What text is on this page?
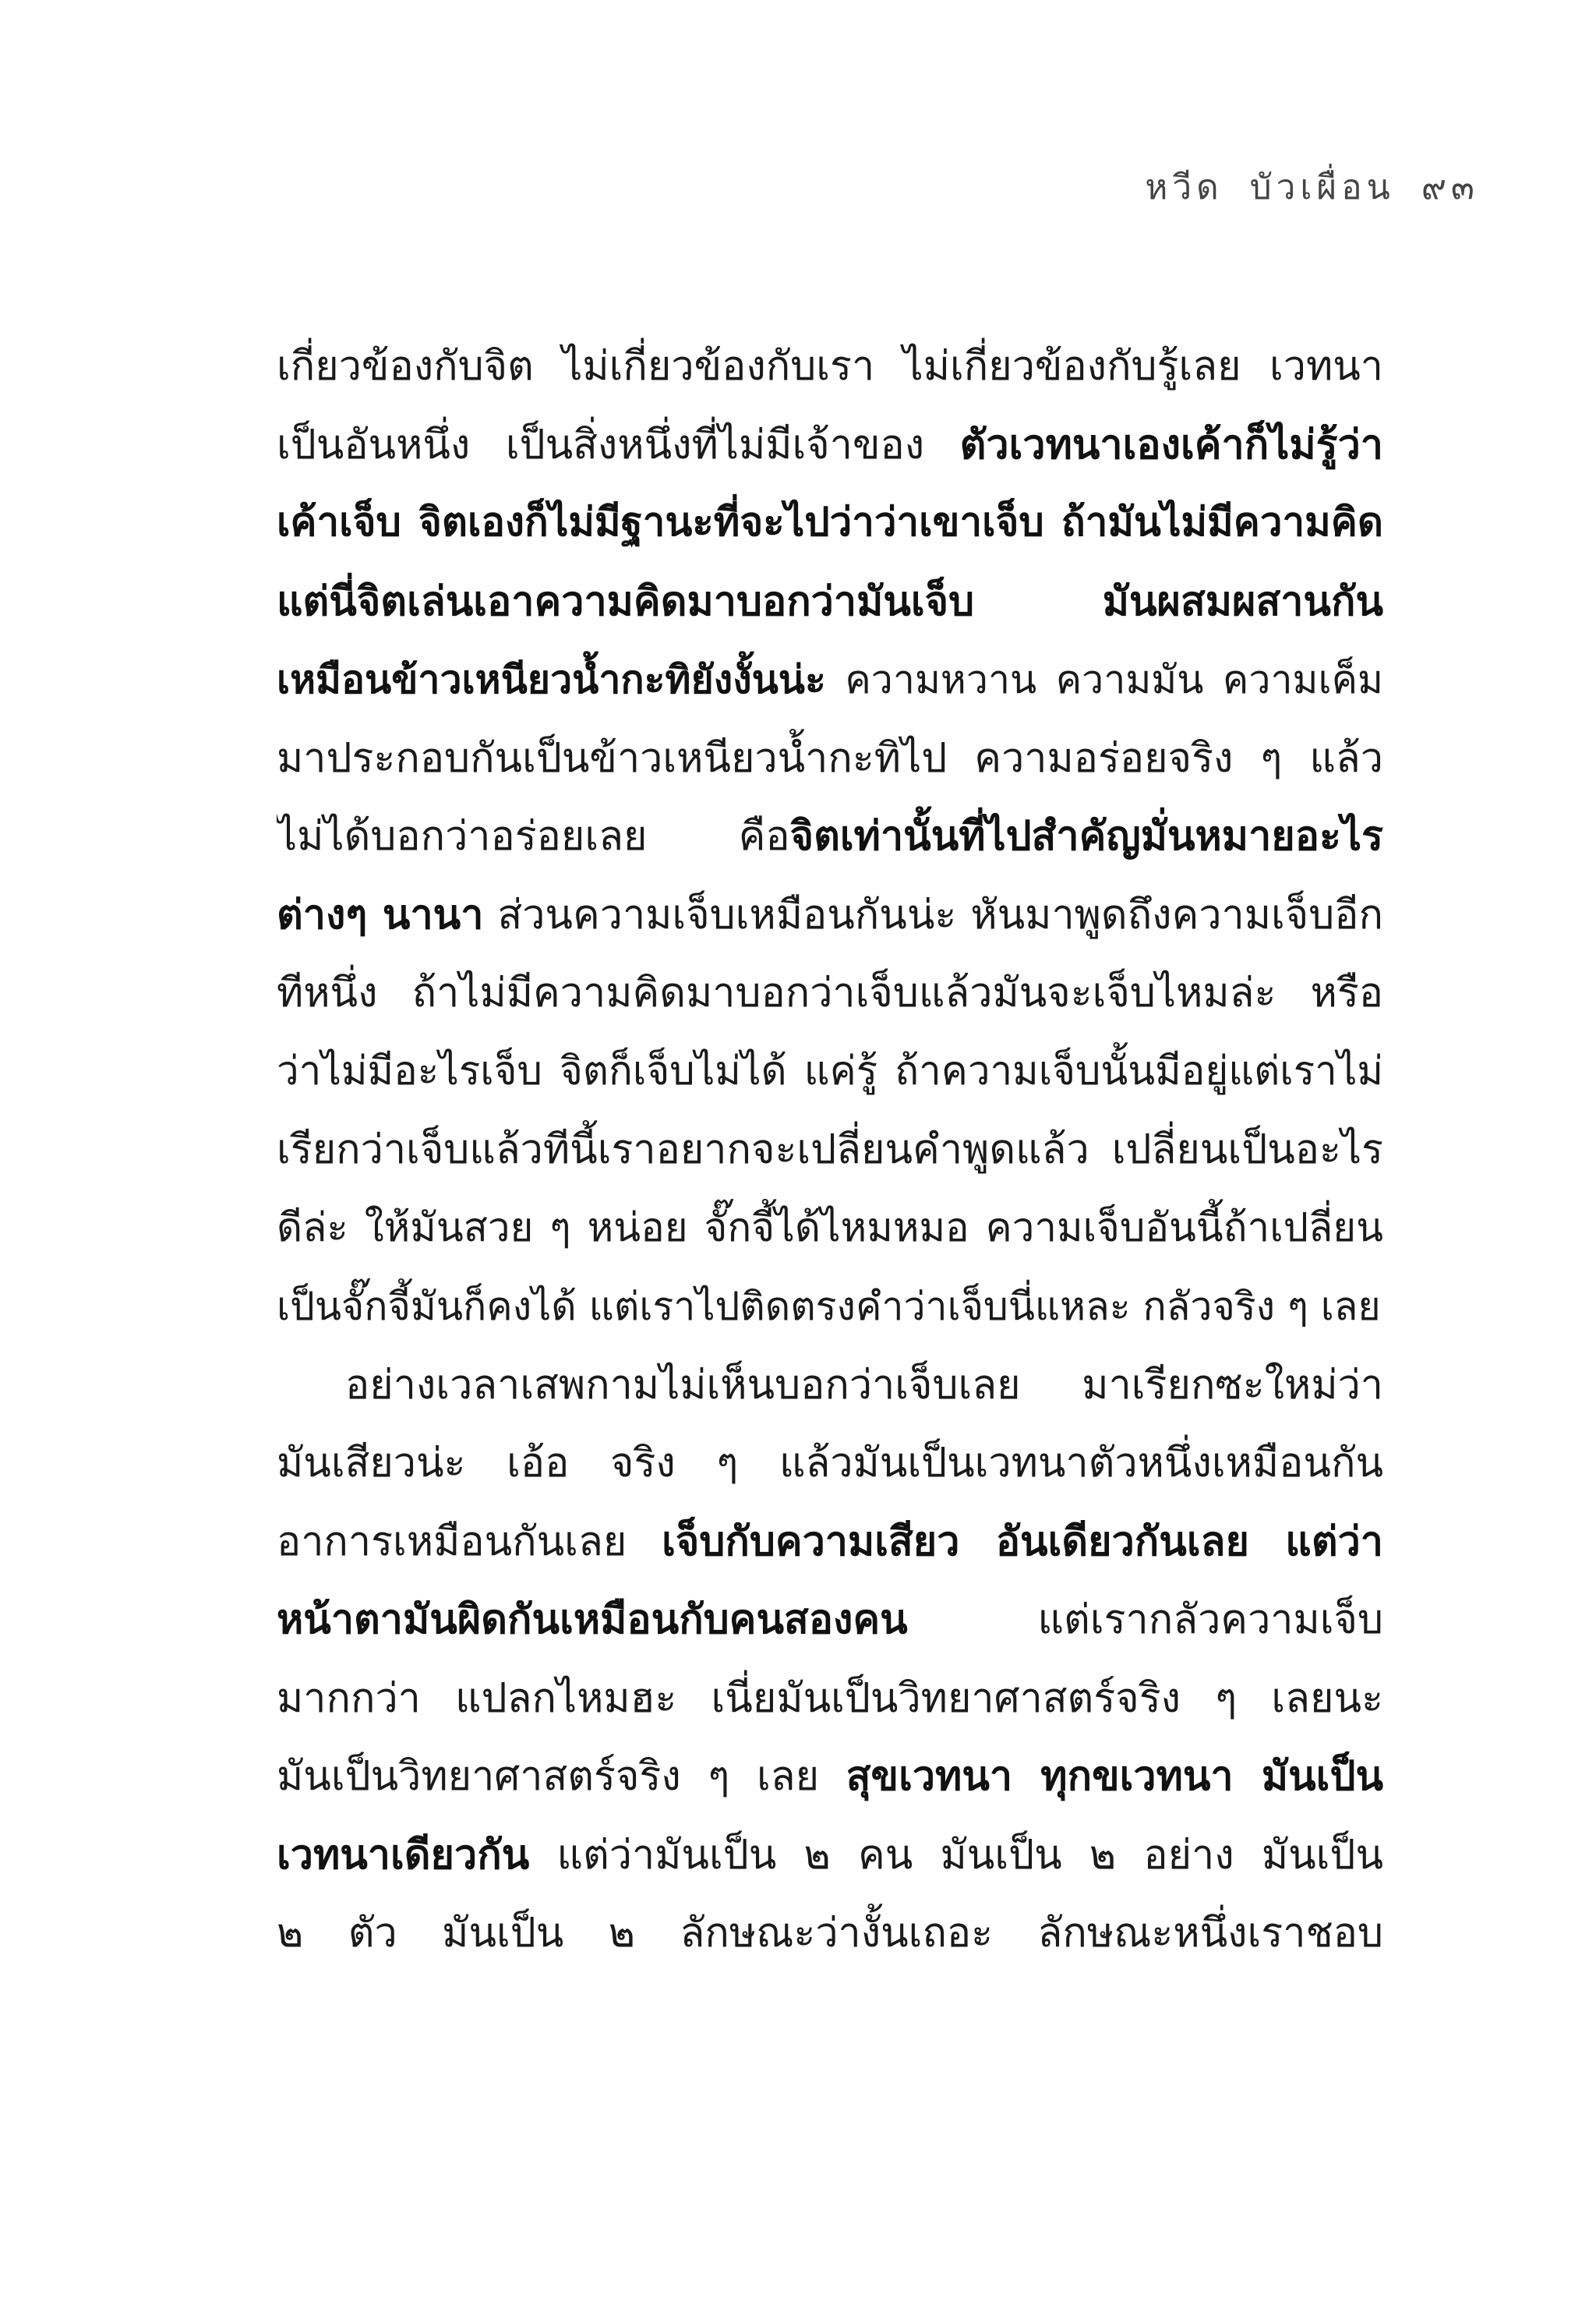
หวีด บัวเผื่อน ๙๓
เกี่ยวข้องกับจิต ไม่เกี่ยวข้องกับเรา ไม่เกี่ยวข้องกับรู้เลย เวทนา
เป็นอันหนึ่ง เป็นสิ่งหนึ่งที่ไม่มีเจ้าของ ตัวเวทนาเองเค้าก็ไม่รู้ว่า
เค้าเจ็บ จิตเองก็ไม่มีฐานะที่จะไปว่าว่าเขาเจ็บ ถ้ามันไม่มีความคิด
แต่นี่จิตเล่นเอาความคิดมาบอกว่ามันเจ็บ มันผสมผสานกัน
เหมือนข้าวเหนียวน้ำกะทิยังงั้นน่ะ ความหวาน ความมัน ความเค็ม
มาประกอบกันเป็นข้าวเหนียวน้ำกะทิไป ความอร่อยจริง ๆ แล้ว
ไม่ได้บอกว่าอร่อยเลย คือจิตเท่านั้นที่ไปสำคัญมั่นหมายอะไร
ต่างๆ นานา ส่วนความเจ็บเหมือนกันน่ะ หันมาพูดถึงความเจ็บอีก
ทีหนึ่ง ถ้าไม่มีความคิดมาบอกว่าเจ็บแล้วมันจะเจ็บไหมล่ะ หรือ
ว่าไม่มีอะไรเจ็บ จิตก็เจ็บไม่ได้ แค่รู้ ถ้าความเจ็บนั้นมีอยู่แต่เราไม่
เรียกว่าเจ็บแล้วทีนี้เราอยากจะเปลี่ยนคำพูดแล้ว เปลี่ยนเป็นอะไร
ดีล่ะ ให้มันสวย ๆ หน่อย จั๊กจี้ได้ไหมหมอ ความเจ็บอันนี้ถ้าเปลี่ยน
เป็นจั๊กจี้มันก็คงได้ แต่เราไปติดตรงคำว่าเจ็บนี่แหละ กลัวจริง ๆ เลย
อย่างเวลาเสพกามไม่เห็นบอกว่าเจ็บเลย มาเรียกซะใหม่ว่า
มันเสียวน่ะ เอ้อ จริง ๆ แล้วมันเป็นเวทนาตัวหนึ่งเหมือนกัน
อาการเหมือนกันเลย เจ็บกับความเสียว อันเดียวกันเลย แต่ว่า
หน้าตามันผิดกันเหมือนกับคนสองคน แต่เรากลัวความเจ็บ
มากกว่า แปลกไหมฮะ เนี่ยมันเป็นวิทยาศาสตร์จริง ๆ เลยนะ
มันเป็นวิทยาศาสตร์จริง ๆ เลย สุขเวทนา ทุกขเวทนา มันเป็น
เวทนาเดียวกัน แต่ว่ามันเป็น ๒ คน มันเป็น ๒ อย่าง มันเป็น
๒ ตัว มันเป็น ๒ ลักษณะว่างั้นเถอะ ลักษณะหนึ่งเราชอบ
